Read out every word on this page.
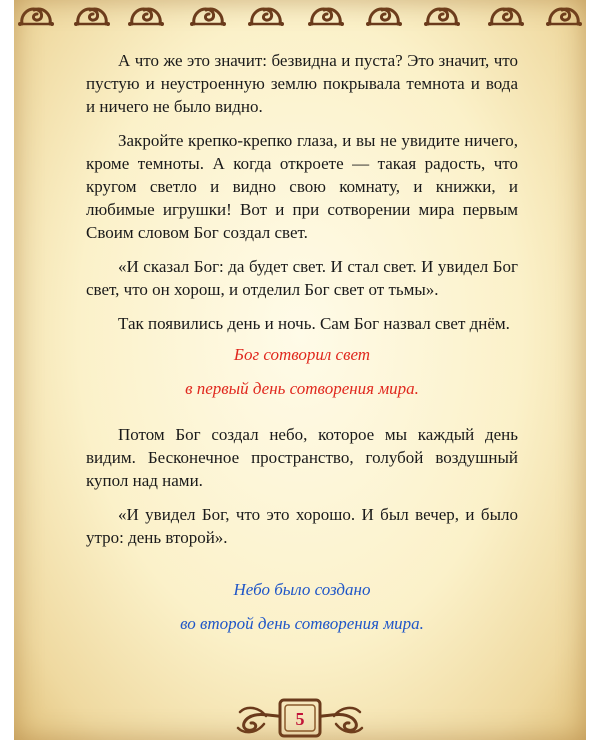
А что же это значит: безвидна и пуста? Это значит, что пустую и неустроенную землю покрывала темнота и вода и ничего не было видно.

Закройте крепко-крепко глаза, и вы не увидите ничего, кроме темноты. А когда откроете — такая радость, что кругом светло и видно свою комнату, и книжки, и любимые игрушки! Вот и при сотворении мира первым Своим словом Бог создал свет.

«И сказал Бог: да будет свет. И стал свет. И увидел Бог свет, что он хорош, и отделил Бог свет от тьмы».

Так появились день и ночь. Сам Бог назвал свет днём.

Бог сотворил свет

в первый день сотворения мира.

Потом Бог создал небо, которое мы каждый день видим. Бесконечное пространство, голубой воздушный купол над нами.

«И увидел Бог, что это хорошо. И был вечер, и было утро: день второй».

Небо было создано

во второй день сотворения мира.

5
